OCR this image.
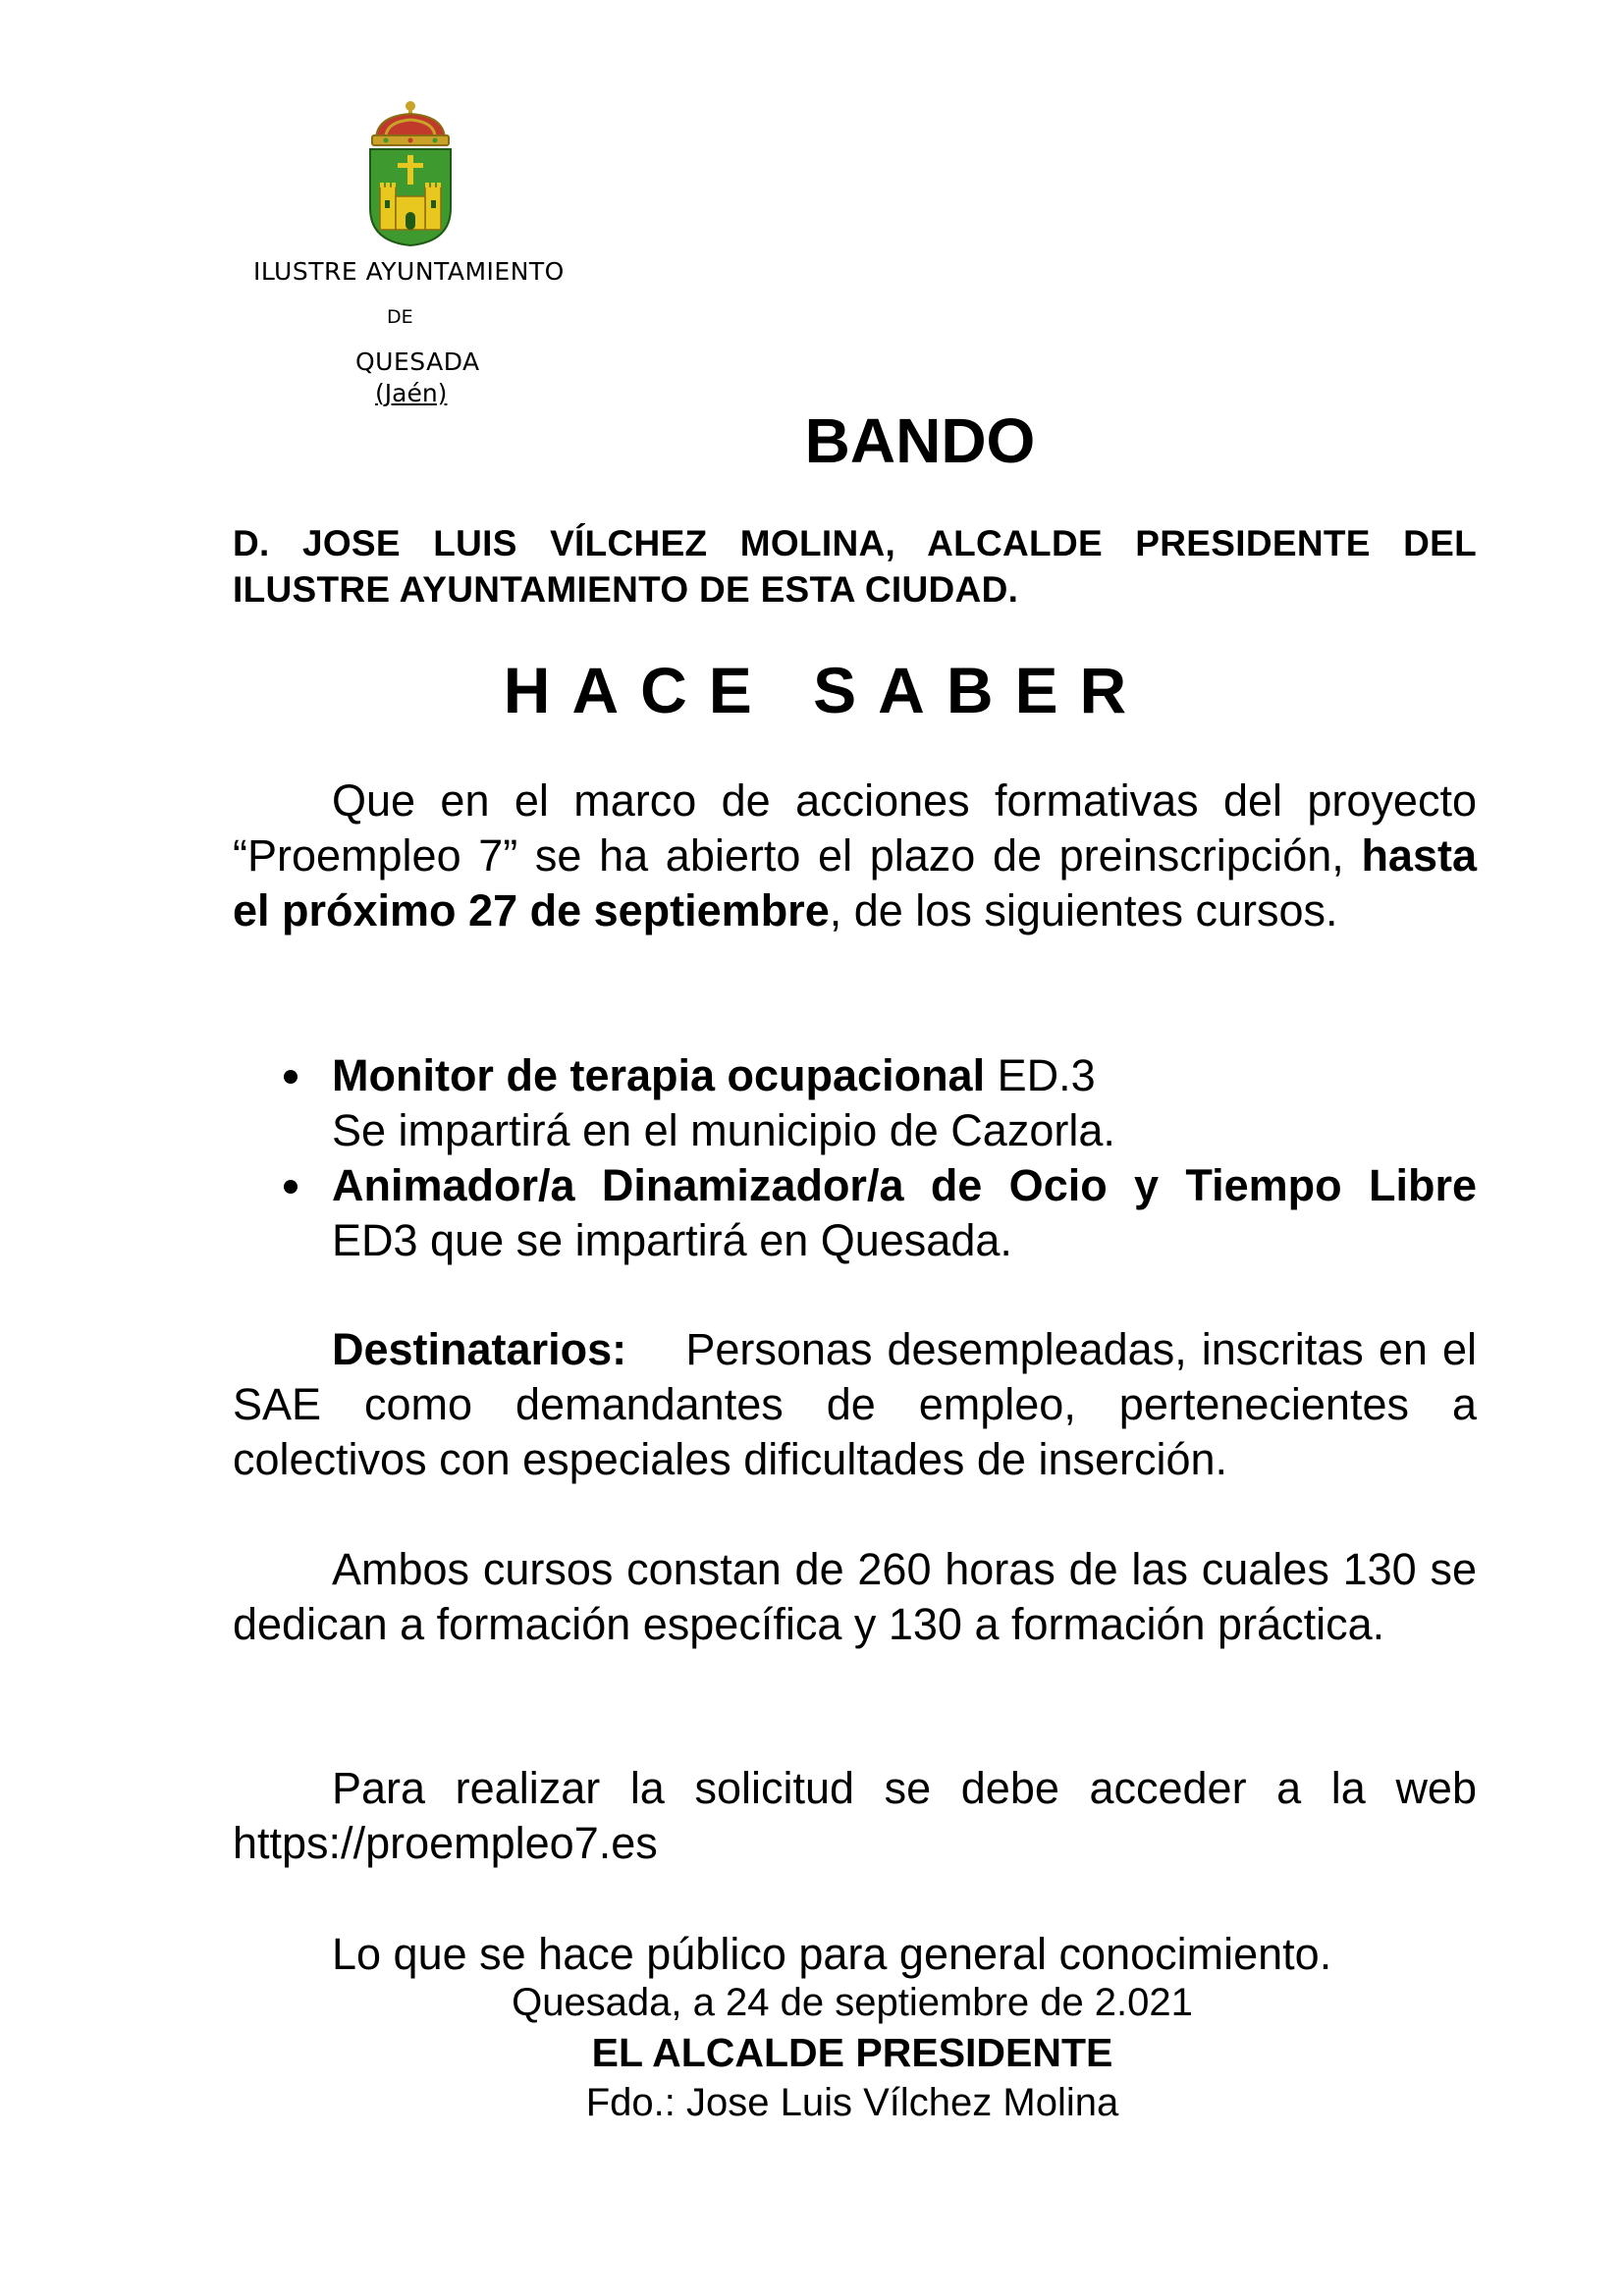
ILUSTRE AYUNTAMIENTO
DE
QUESADA
(Jaén)
BANDO
D. JOSE LUIS VÍLCHEZ MOLINA, ALCALDE PRESIDENTE DEL ILUSTRE AYUNTAMIENTO DE ESTA CIUDAD.
HACE SABER
Que en el marco de acciones formativas del proyecto “Proempleo 7” se ha abierto el plazo de preinscripción, hasta el próximo 27 de septiembre, de los siguientes cursos.
Monitor de terapia ocupacional ED.3
Se impartirá en el municipio de Cazorla.
Animador/a Dinamizador/a de Ocio y Tiempo Libre ED3 que se impartirá en Quesada.
Destinatarios: Personas desempleadas, inscritas en el SAE como demandantes de empleo, pertenecientes a colectivos con especiales dificultades de inserción.
Ambos cursos constan de 260 horas de las cuales 130 se dedican a formación específica y 130 a formación práctica.
Para realizar la solicitud se debe acceder a la web https://proempleo7.es
Lo que se hace público para general conocimiento.
Quesada, a 24 de septiembre de 2.021
EL ALCALDE PRESIDENTE
Fdo.: Jose Luis Vílchez Molina
